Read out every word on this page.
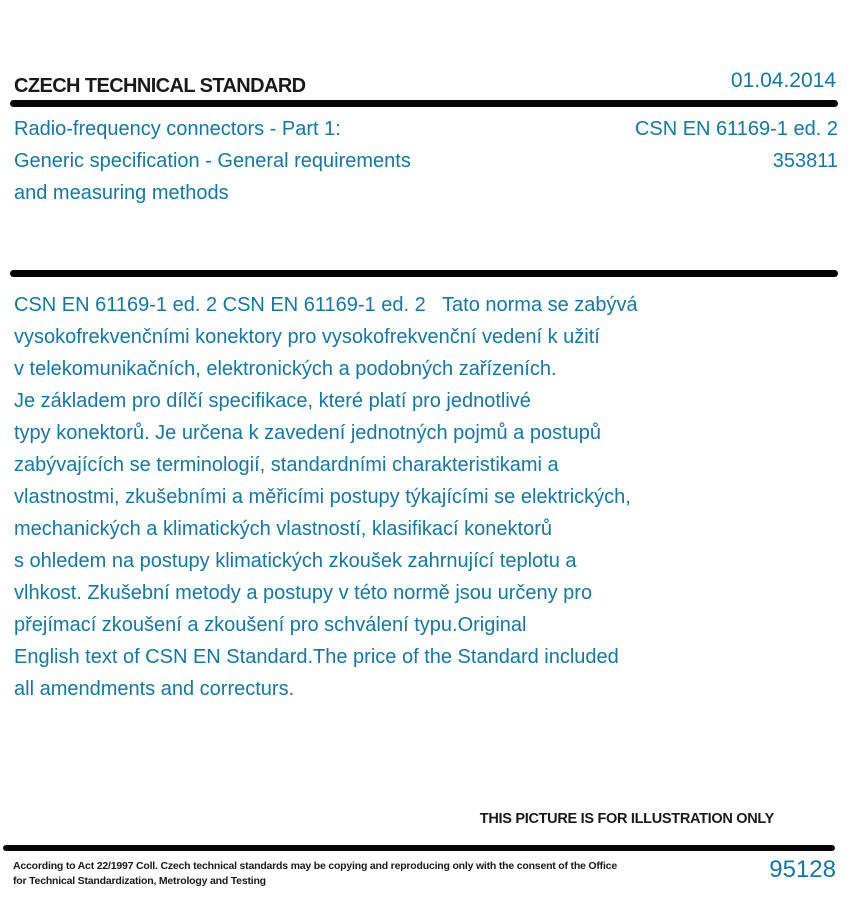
CZECH TECHNICAL STANDARD	01.04.2014
Radio-frequency connectors - Part 1:
Generic specification - General requirements
and measuring methods
CSN EN 61169-1 ed. 2
353811
CSN EN 61169-1 ed. 2 CSN EN 61169-1 ed. 2   Tato norma se zabývá
vysokofrekvenčními konektory pro vysokofrekvenční vedení k užití
v telekomunikačních, elektronických a podobných zařízeních.
Je základem pro dílčí specifikace, které platí pro jednotlivé
typy konektorů. Je určena k zavedení jednotných pojmů a postupů
zabývajících se terminologií, standardními charakteristikami a
vlastnostmi, zkušebními a měřicími postupy týkajícími se elektrických,
mechanických a klimatických vlastností, klasifikací konektorů
s ohledem na postupy klimatických zkoušek zahrnující teplotu a
vlhkost. Zkušební metody a postupy v této normě jsou určeny pro
přejímací zkoušení a zkoušení pro schválení typu.Original
English text of CSN EN Standard.The price of the Standard included
all amendments and correcturs.
THIS PICTURE IS FOR ILLUSTRATION ONLY
According to Act 22/1997 Coll. Czech technical standards may be copying and reproducing only with the consent of the Office
for Technical Standardization, Metrology and Testing	95128
